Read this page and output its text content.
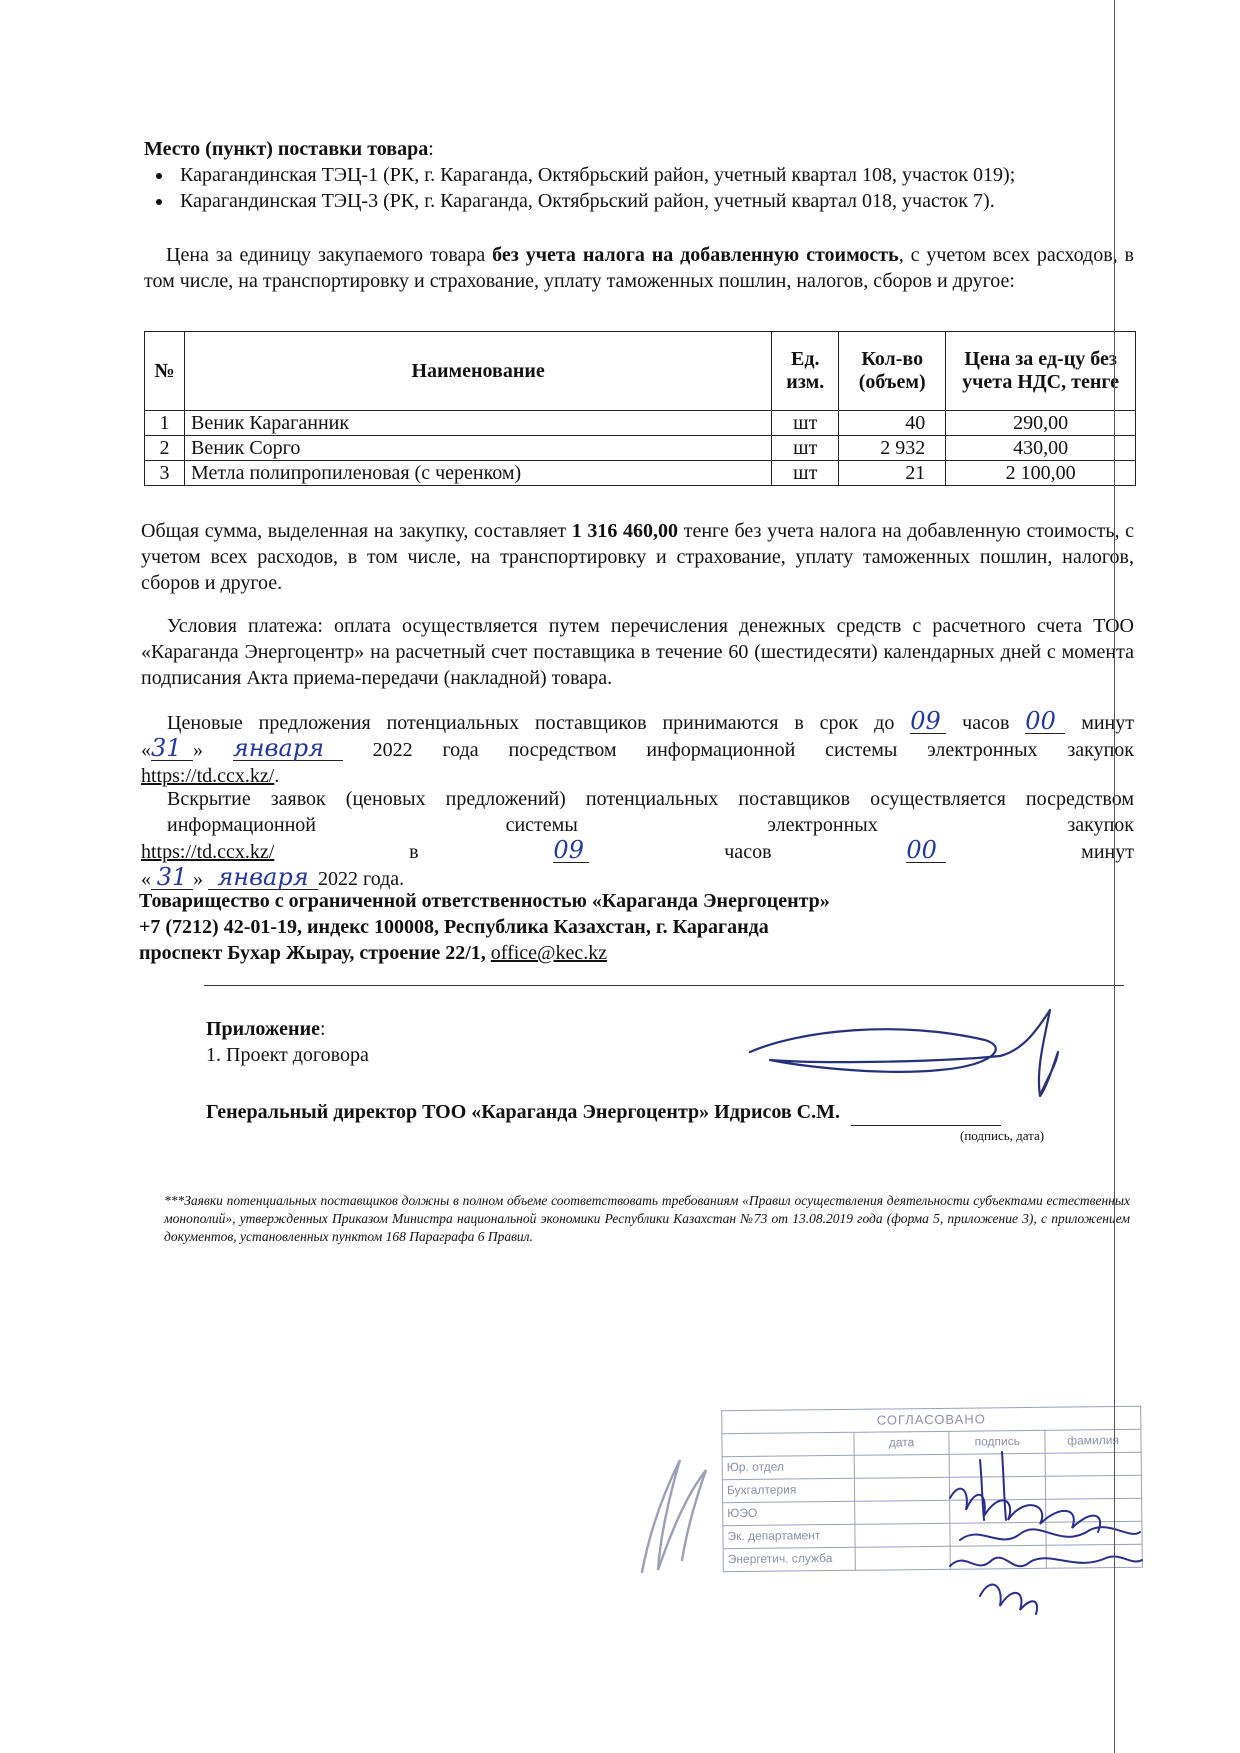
Место (пункт) поставки товара:
• Карагандинская ТЭЦ-1 (РК, г. Караганда, Октябрьский район, учетный квартал 108, участок 019);
• Карагандинская ТЭЦ-3 (РК, г. Караганда, Октябрьский район, учетный квартал 018, участок 7).
Цена за единицу закупаемого товара без учета налога на добавленную стоимость, с учетом всех расходов, в том числе, на транспортировку и страхование, уплату таможенных пошлин, налогов, сборов и другое:
№	Наименование	Ед. изм.	Кол-во (объем)	Цена за ед-цу без учета НДС, тенге
1	Веник Караганник	шт	40	290,00
2	Веник Сорго	шт	2 932	430,00
3	Метла полипропиленовая (с черенком)	шт	21	2 100,00
Общая сумма, выделенная на закупку, составляет 1 316 460,00 тенге без учета налога на добавленную стоимость, с учетом всех расходов, в том числе, на транспортировку и страхование, уплату таможенных пошлин, налогов, сборов и другое.
Условия платежа: оплата осуществляется путем перечисления денежных средств с расчетного счета ТОО «Караганда Энергоцентр» на расчетный счет поставщика в течение 60 (шестидесяти) календарных дней с момента подписания Акта приема-передачи (накладной) товара.
Ценовые предложения потенциальных поставщиков принимаются в срок до 09 часов 00 минут
«31 » января 2022 года посредством информационной системы электронных закупок
https://td.ccx.kz/.
Вскрытие заявок (ценовых предложений) потенциальных поставщиков осуществляется посредством информационной системы электронных закупок
https://td.ccx.kz/ в 09 часов 00 минут
« 31 » января 2022 года.
Товарищество с ограниченной ответственностью «Караганда Энергоцентр»
+7 (7212) 42-01-19, индекс 100008, Республика Казахстан, г. Караганда
проспект Бухар Жырау, строение 22/1, office@kec.kz
Приложение:
1. Проект договора
Генеральный директор ТОО «Караганда Энергоцентр» Идрисов С.М.
(подпись, дата)
***Заявки потенциальных поставщиков должны в полном объеме соответствовать требованиям «Правил осуществления деятельности субъектами естественных монополий», утвержденных Приказом Министра национальной экономики Республики Казахстан №73 от 13.08.2019 года (форма 5, приложение 3), с приложением документов, установленных пунктом 168 Параграфа 6 Правил.
СОГЛАСОВАНО			
	дата	подпись	фамилия
Юр. отдел			
Бухгалтерия			
ЮЭО			
Эк. департамент			
Энергетич. служба			
